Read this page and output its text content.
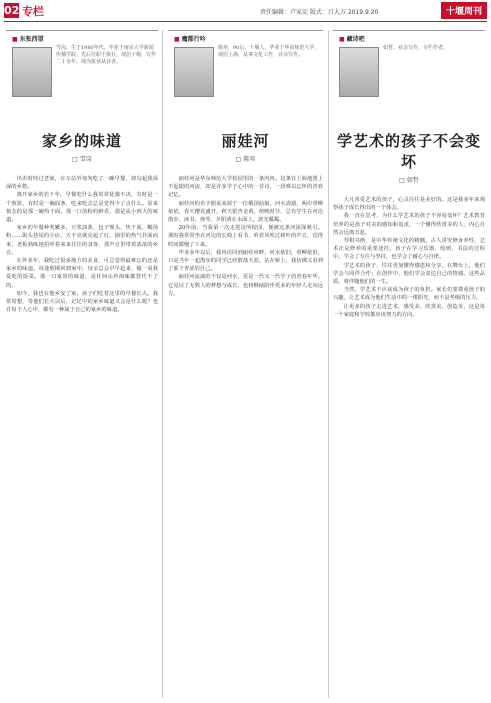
02 专栏	责任编辑：卢家淀 版式：吕大方 2019.9.20	十堰周刊
■ 东张西望
雪岗，生于1980年代，毕业于南京大学新闻传播学院。先后任职于报社，现居十堰，写作二十余年，现为报业从业者。
家乡的味道
□ 雪岗

出差时经过老家，在车站外匆匆吃了一碗早餐，却勾起我深深的乡愁。

离开家乡的若干年，早餐吃什么我常常犹豫不决，有时是一个煎饼，有时是一碗面条，吃来吃去总是觉得少了点什么。原来惦念的是那一碗热干面，那一口汤粉的鲜香，那是从小到大的味道。

家乡的早餐种类繁多，豆浆油条、包子馒头、热干面、糊汤粉……街头巷尾的小店，天不亮就亮起了灯，锅里的热气扑面而来，老板熟练地招呼着来来往往的食客，那声音里带着浓浓的乡音。

在外多年，我吃过很多地方的美食，可总觉得最难忘的还是家乡的味道。每逢假期回到家中，母亲总会早早起来，做一桌我爱吃的饭菜。那一口家常的味道，是任何山珍海味都替代不了的。

如今，我也在他乡安了家，孩子们吃着这里的早餐长大。我常常想，等他们长大以后，记忆中的家乡味道又会是什么呢？也许每个人心中，都有一种属于自己的家乡的味道。

■ 魔都行吟
陈奕，90后，十堰人，毕业于华东师范大学，现居上海，从事文化工作，业余写作。
丽娃河
□ 陈奕

丽娃河是华东师范大学校园里的一条内河。这条在上海地图上不起眼的河流，却是许多学子心中的一首诗，一段难以忘怀的青春记忆。

丽娃河的名字据说来源于一位俄国姑娘，河水清澈，两岸垂柳依依，春天樱花盛开，秋天银杏金黄。傍晚时分，总有学生在河边散步、读书、弹琴，夕阳洒在水面上，波光粼粼。

20年前，当我第一次走进这所校园，便被这条河深深吸引。那时我常常坐在河边的长椅上看书，听着风吹过树叶的声音，觉得时间都慢了下来。

毕业多年以后，我再次回到丽娃河畔，河水依旧，垂柳依旧，只是当年一起散步的同学已经散落天涯。站在桥上，我仿佛又看到了那个青涩的自己。

丽娃河流淌的不仅是河水，更是一代又一代学子的青春年华。它见证了无数人的梦想与成长，也将继续陪伴更多的年轻人走向远方。

■ 藏诗吧
如哲，业余写作，专栏作者。
学艺术的孩子不会变坏
□ 如哲

大凡喜爱艺术的孩子，心灵往往是美好的。这是我多年来观察孩子成长得出的一个体会。

我一直在思考，为什么学艺术的孩子不容易变坏？艺术教育培养的是孩子对美的感知和追求，一个懂得欣赏美的人，内心自然会远离丑恶。

琴棋书画，是中华传统文化的精髓。古人讲究修身养性，艺术正是修养的重要途径。孩子在学习乐器、绘画、书法的过程中，学会了专注与坚持，也学会了耐心与自律。

学艺术的孩子，往往更加懂得感恩和分享。在舞台上，他们学会与同伴合作；在创作中，他们学会表达自己的情感。这些品质，将伴随他们的一生。

当然，学艺术不应该成为孩子的负担。家长们要尊重孩子的兴趣，让艺术成为他们生活中的一缕阳光，而不是考级的压力。

让更多的孩子走进艺术，感受美、欣赏美、创造美，这是每一个家庭和学校都应该努力的方向。
